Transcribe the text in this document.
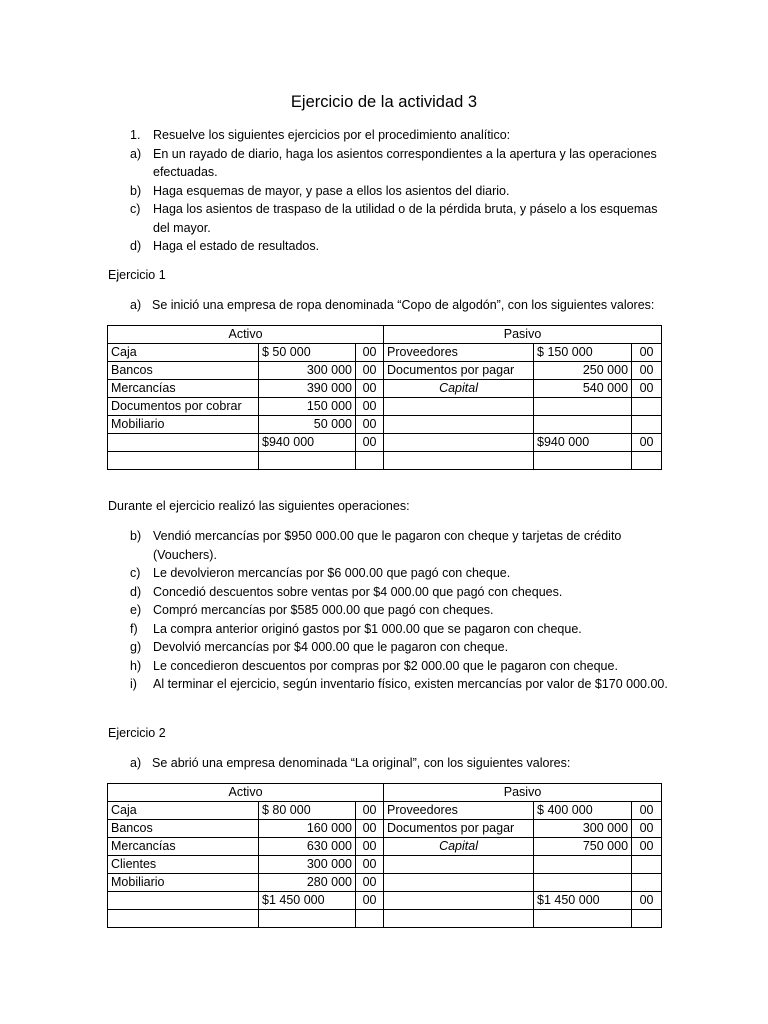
Ejercicio de la actividad 3
1. Resuelve los siguientes ejercicios por el procedimiento analítico:
a) En un rayado de diario, haga los asientos correspondientes a la apertura y las operaciones efectuadas.
b) Haga esquemas de mayor, y pase a ellos los asientos del diario.
c) Haga los asientos de traspaso de la utilidad o de la pérdida bruta, y páselo a los esquemas del mayor.
d) Haga el estado de resultados.

Ejercicio 1

a) Se inició una empresa de ropa denominada “Copo de algodón”, con los siguientes valores:

Activo			Pasivo		
Caja	$ 50 000	00	Proveedores	$ 150 000	00
Bancos	300 000	00	Documentos por pagar	250 000	00
Mercancías	390 000	00	Capital	540 000	00
Documentos por cobrar	150 000	00			
Mobiliario	50 000	00			
	$940 000	00		$940 000	00

Durante el ejercicio realizó las siguientes operaciones:

b) Vendió mercancías por $950 000.00 que le pagaron con cheque y tarjetas de crédito (Vouchers).
c) Le devolvieron mercancías por $6 000.00 que pagó con cheque.
d) Concedió descuentos sobre ventas por $4 000.00 que pagó con cheques.
e) Compró mercancías por $585 000.00 que pagó con cheques.
f) La compra anterior originó gastos por $1 000.00 que se pagaron con cheque.
g) Devolvió mercancías por $4 000.00 que le pagaron con cheque.
h) Le concedieron descuentos por compras por $2 000.00 que le pagaron con cheque.
i) Al terminar el ejercicio, según inventario físico, existen mercancías por valor de $170 000.00.

Ejercicio 2

a) Se abrió una empresa denominada “La original”, con los siguientes valores:

Activo			Pasivo		
Caja	$ 80 000	00	Proveedores	$ 400 000	00
Bancos	160 000	00	Documentos por pagar	300 000	00
Mercancías	630 000	00	Capital	750 000	00
Clientes	300 000	00			
Mobiliario	280 000	00			
	$1 450 000	00		$1 450 000	00
